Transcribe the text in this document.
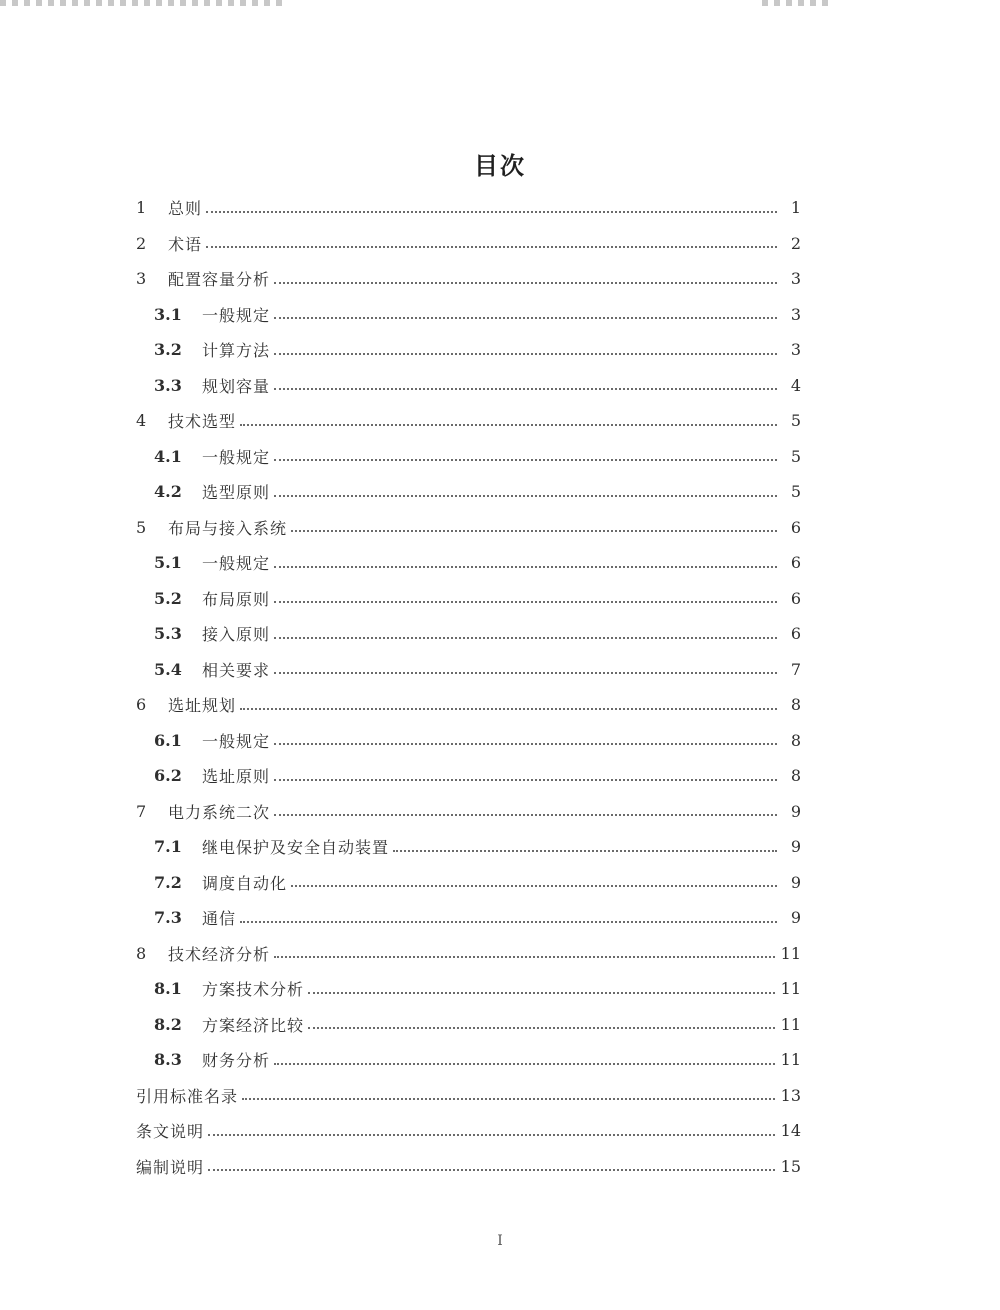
目次
1	总则	1
2	术语	2
3	配置容量分析	3
3.1	一般规定	3
3.2	计算方法	3
3.3	规划容量	4
4	技术选型	5
4.1	一般规定	5
4.2	选型原则	5
5	布局与接入系统	6
5.1	一般规定	6
5.2	布局原则	6
5.3	接入原则	6
5.4	相关要求	7
6	选址规划	8
6.1	一般规定	8
6.2	选址原则	8
7	电力系统二次	9
7.1	继电保护及安全自动装置	9
7.2	调度自动化	9
7.3	通信	9
8	技术经济分析	11
8.1	方案技术分析	11
8.2	方案经济比较	11
8.3	财务分析	11
引用标准名录	13
条文说明	14
编制说明	15
I
